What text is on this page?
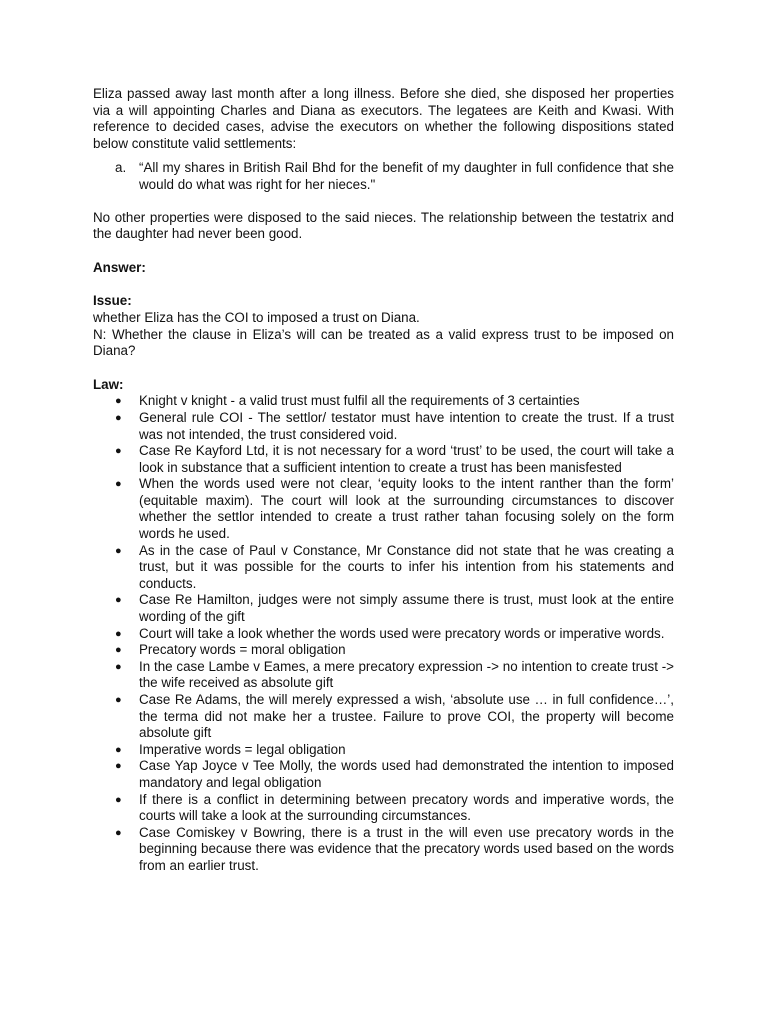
Eliza passed away last month after a long illness. Before she died, she disposed her properties via a will appointing Charles and Diana as executors. The legatees are Keith and Kwasi. With reference to decided cases, advise the executors on whether the following dispositions stated below constitute valid settlements:

a. “All my shares in British Rail Bhd for the benefit of my daughter in full confidence that she would do what was right for her nieces."

No other properties were disposed to the said nieces. The relationship between the testatrix and the daughter had never been good.

Answer:

Issue:

whether Eliza has the COI to imposed a trust on Diana.

N: Whether the clause in Eliza’s will can be treated as a valid express trust to be imposed on Diana?

Law:

●	Knight v knight - a valid trust must fulfil all the requirements of 3 certainties
●	General rule COI - The settlor/ testator must have intention to create the trust. If a trust was not intended, the trust considered void.
●	Case Re Kayford Ltd, it is not necessary for a word ‘trust’ to be used, the court will take a look in substance that a sufficient intention to create a trust has been manisfested
●	When the words used were not clear, ‘equity looks to the intent ranther than the form’ (equitable maxim). The court will look at the surrounding circumstances to discover whether the settlor intended to create a trust rather tahan focusing solely on the form words he used.
●	As in the case of Paul v Constance, Mr Constance did not state that he was creating a trust, but it was possible for the courts to infer his intention from his statements and conducts.
●	Case Re Hamilton, judges were not simply assume there is trust, must look at the entire wording of the gift
●	Court will take a look whether the words used were precatory words or imperative words.
●	Precatory words = moral obligation
●	In the case Lambe v Eames, a mere precatory expression -> no intention to create trust -> the wife received as absolute gift
●	Case Re Adams, the will merely expressed a wish, ‘absolute use … in full confidence…’, the terma did not make her a trustee. Failure to prove COI, the property will become absolute gift
●	Imperative words = legal obligation
●	Case Yap Joyce v Tee Molly, the words used had demonstrated the intention to imposed mandatory and legal obligation
●	If there is a conflict in determining between precatory words and imperative words, the courts will take a look at the surrounding circumstances.
●	Case Comiskey v Bowring, there is a trust in the will even use precatory words in the beginning because there was evidence that the precatory words used based on the words from an earlier trust.
